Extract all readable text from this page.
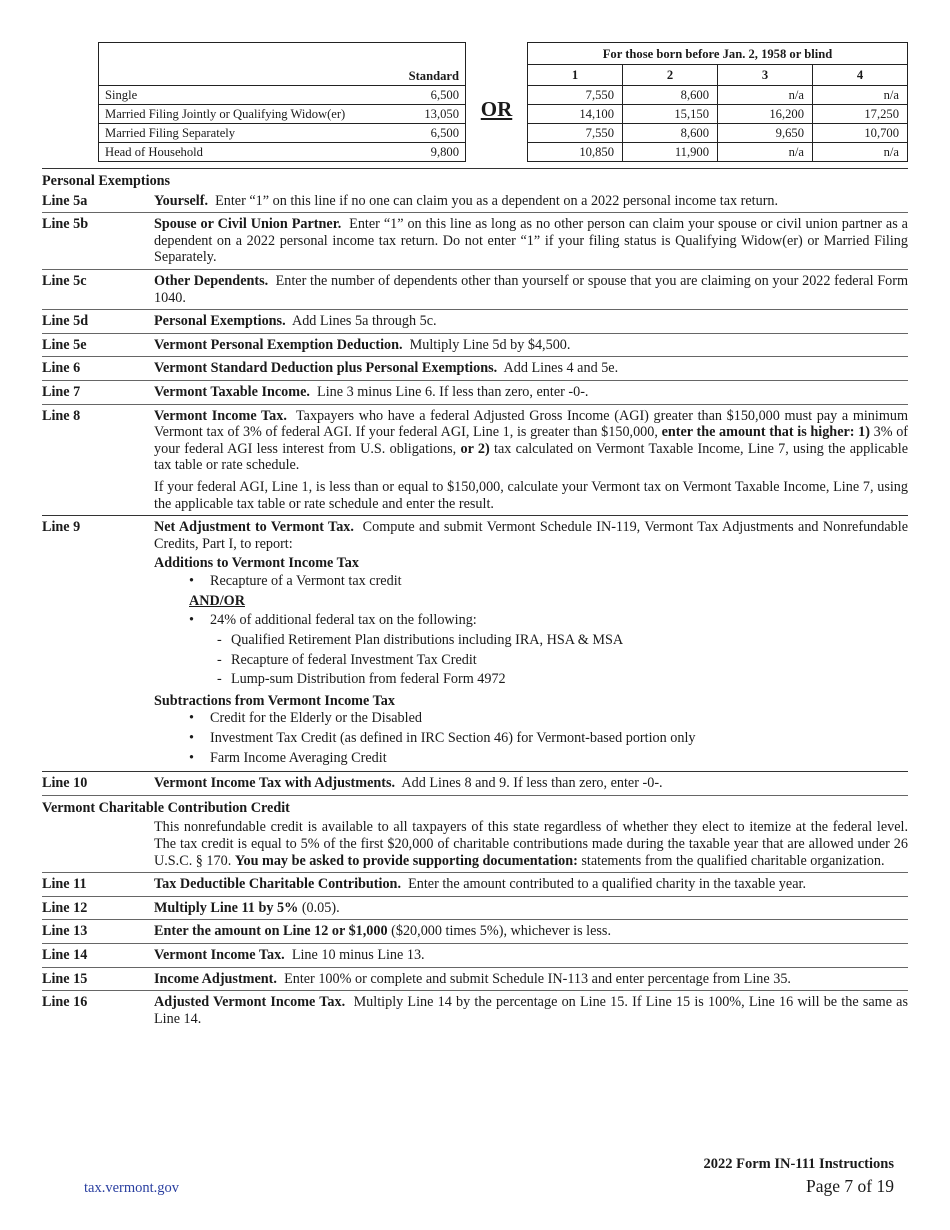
	Standard
Single	6,500
Married Filing Jointly or Qualifying Widow(er)	13,050
Married Filing Separately	6,500
Head of Household	9,800
OR
For those born before Jan. 2, 1958 or blind			
1	2	3	4
7,550	8,600	n/a	n/a
14,100	15,150	16,200	17,250
7,550	8,600	9,650	10,700
10,850	11,900	n/a	n/a
Personal Exemptions
Line 5a	Yourself. Enter “1” on this line if no one can claim you as a dependent on a 2022 personal income tax return.
Line 5b	Spouse or Civil Union Partner. Enter “1” on this line as long as no other person can claim your spouse or civil union partner as a dependent on a 2022 personal income tax return. Do not enter “1” if your filing status is Qualifying Widow(er) or Married Filing Separately.
Line 5c	Other Dependents. Enter the number of dependents other than yourself or spouse that you are claiming on your 2022 federal Form 1040.
Line 5d	Personal Exemptions. Add Lines 5a through 5c.
Line 5e	Vermont Personal Exemption Deduction. Multiply Line 5d by $4,500.
Line 6	Vermont Standard Deduction plus Personal Exemptions. Add Lines 4 and 5e.
Line 7	Vermont Taxable Income. Line 3 minus Line 6. If less than zero, enter -0-.
Line 8	Vermont Income Tax. Taxpayers who have a federal Adjusted Gross Income (AGI) greater than $150,000 must pay a minimum Vermont tax of 3% of federal AGI. If your federal AGI, Line 1, is greater than $150,000, enter the amount that is higher: 1) 3% of your federal AGI less interest from U.S. obligations, or 2) tax calculated on Vermont Taxable Income, Line 7, using the applicable tax table or rate schedule.

If your federal AGI, Line 1, is less than or equal to $150,000, calculate your Vermont tax on Vermont Taxable Income, Line 7, using the applicable tax table or rate schedule and enter the result.

Line 9	Net Adjustment to Vermont Tax. Compute and submit Vermont Schedule IN-119, Vermont Tax Adjustments and Nonrefundable Credits, Part I, to report:

Additions to Vermont Income Tax
• Recapture of a Vermont tax credit
AND/OR
• 24% of additional federal tax on the following:
- Qualified Retirement Plan distributions including IRA, HSA & MSA
- Recapture of federal Investment Tax Credit
- Lump-sum Distribution from federal Form 4972
Subtractions from Vermont Income Tax
• Credit for the Elderly or the Disabled
• Investment Tax Credit (as defined in IRC Section 46) for Vermont-based portion only
• Farm Income Averaging Credit
Line 10	Vermont Income Tax with Adjustments. Add Lines 8 and 9. If less than zero, enter -0-.
Vermont Charitable Contribution Credit
This nonrefundable credit is available to all taxpayers of this state regardless of whether they elect to itemize at the federal level. The tax credit is equal to 5% of the first $20,000 of charitable contributions made during the taxable year that are allowed under 26 U.S.C. § 170. You may be asked to provide supporting documentation: statements from the qualified charitable organization.
Line 11	Tax Deductible Charitable Contribution. Enter the amount contributed to a qualified charity in the taxable year.
Line 12	Multiply Line 11 by 5% (0.05).
Line 13	Enter the amount on Line 12 or $1,000 ($20,000 times 5%), whichever is less.
Line 14	Vermont Income Tax. Line 10 minus Line 13.
Line 15	Income Adjustment. Enter 100% or complete and submit Schedule IN-113 and enter percentage from Line 35.
Line 16	Adjusted Vermont Income Tax. Multiply Line 14 by the percentage on Line 15. If Line 15 is 100%, Line 16 will be the same as Line 14.
2022 Form IN-111 Instructions
Page 7 of 19
tax.vermont.gov
